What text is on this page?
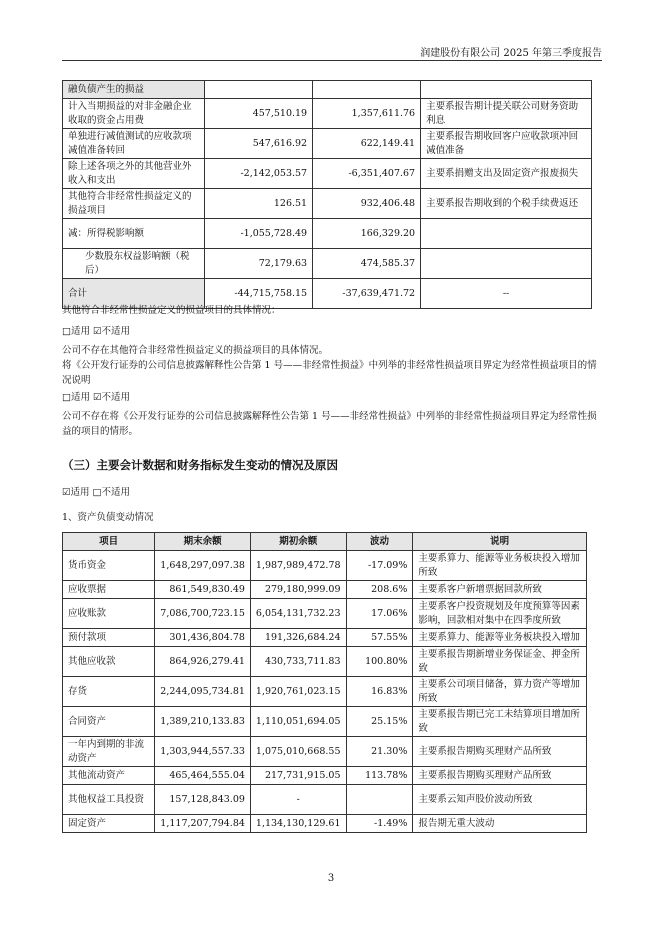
润建股份有限公司 2025 年第三季度报告
融负债产生的损益			
计入当期损益的对非金融企业收取的资金占用费	457,510.19	1,357,611.76	主要系报告期计提关联公司财务资助利息
单独进行减值测试的应收款项减值准备转回	547,616.92	622,149.41	主要系报告期收回客户应收款项冲回减值准备
除上述各项之外的其他营业外收入和支出	-2,142,053.57	-6,351,407.67	主要系捐赠支出及固定资产报废损失
其他符合非经常性损益定义的损益项目	126.51	932,406.48	主要系报告期收到的个税手续费返还
减：所得税影响额	-1,055,728.49	166,329.20	
少数股东权益影响额（税后）	72,179.63	474,585.37	
合计	-44,715,758.15	-37,639,471.72	--
其他符合非经常性损益定义的损益项目的具体情况：
□适用 ☑不适用
公司不存在其他符合非经常性损益定义的损益项目的具体情况。
将《公开发行证券的公司信息披露解释性公告第 1 号——非经常性损益》中列举的非经常性损益项目界定为经常性损益项目的情况说明
□适用 ☑不适用
公司不存在将《公开发行证券的公司信息披露解释性公告第 1 号——非经常性损益》中列举的非经常性损益项目界定为经常性损益的项目的情形。
（三）主要会计数据和财务指标发生变动的情况及原因
☑适用 □不适用
1、资产负债变动情况
项目	期末余额	期初余额	波动	说明
货币资金	1,648,297,097.38	1,987,989,472.78	-17.09%	主要系算力、能源等业务板块投入增加所致
应收票据	861,549,830.49	279,180,999.09	208.6%	主要系客户新增票据回款所致
应收账款	7,086,700,723.15	6,054,131,732.23	17.06%	主要系客户投资规划及年度预算等因素影响，回款相对集中在四季度所致
预付款项	301,436,804.78	191,326,684.24	57.55%	主要系算力、能源等业务板块投入增加
其他应收款	864,926,279.41	430,733,711.83	100.80%	主要系报告期新增业务保证金、押金所致
存货	2,244,095,734.81	1,920,761,023.15	16.83%	主要系公司项目储备，算力资产等增加所致
合同资产	1,389,210,133.83	1,110,051,694.05	25.15%	主要系报告期已完工未结算项目增加所致
一年内到期的非流动资产	1,303,944,557.33	1,075,010,668.55	21.30%	主要系报告期购买理财产品所致
其他流动资产	465,464,555.04	217,731,915.05	113.78%	主要系报告期购买理财产品所致
其他权益工具投资	157,128,843.09	-		主要系云知声股价波动所致
固定资产	1,117,207,794.84	1,134,130,129.61	-1.49%	报告期无重大波动
3
